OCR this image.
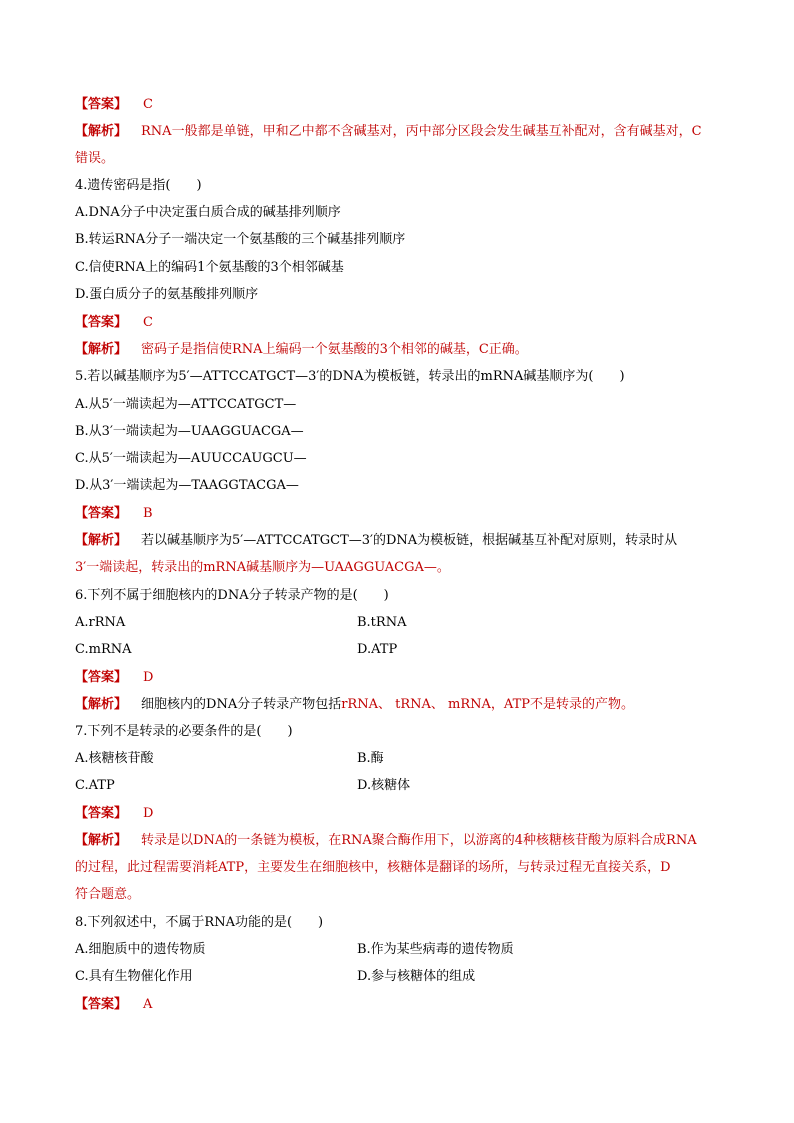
【答案】 C
【解析】 RNA一般都是单链，甲和乙中都不含碱基对，丙中部分区段会发生碱基互补配对，含有碱基对，C
错误。
4.遗传密码是指(　　)
A.DNA分子中决定蛋白质合成的碱基排列顺序
B.转运RNA分子一端决定一个氨基酸的三个碱基排列顺序
C.信使RNA上的编码1个氨基酸的3个相邻碱基
D.蛋白质分子的氨基酸排列顺序
【答案】 C
【解析】 密码子是指信使RNA上编码一个氨基酸的3个相邻的碱基，C正确。
5.若以碱基顺序为5′—ATTCCATGCT—3′的DNA为模板链，转录出的mRNA碱基顺序为(　　)
A.从5′一端读起为—ATTCCATGCT—
B.从3′一端读起为—UAAGGUACGA—
C.从5′一端读起为—AUUCCAUGCU—
D.从3′一端读起为—TAAGGTACGA—
【答案】 B
【解析】 若以碱基顺序为5′—ATTCCATGCT—3′的DNA为模板链，根据碱基互补配对原则，转录时从
3′一端读起，转录出的mRNA碱基顺序为—UAAGGUACGA—。
6.下列不属于细胞核内的DNA分子转录产物的是(　　)
A.rRNA	B.tRNA
C.mRNA	D.ATP
【答案】 D
【解析】 细胞核内的DNA分子转录产物包括rRNA、 tRNA、 mRNA，ATP不是转录的产物。
7.下列不是转录的必要条件的是(　　)
A.核糖核苷酸	B.酶
C.ATP	D.核糖体
【答案】 D
【解析】 转录是以DNA的一条链为模板，在RNA聚合酶作用下，以游离的4种核糖核苷酸为原料合成RNA
的过程，此过程需要消耗ATP，主要发生在细胞核中，核糖体是翻译的场所，与转录过程无直接关系，D
符合题意。
8.下列叙述中，不属于RNA功能的是(　　)
A.细胞质中的遗传物质	B.作为某些病毒的遗传物质
C.具有生物催化作用	D.参与核糖体的组成
【答案】 A
